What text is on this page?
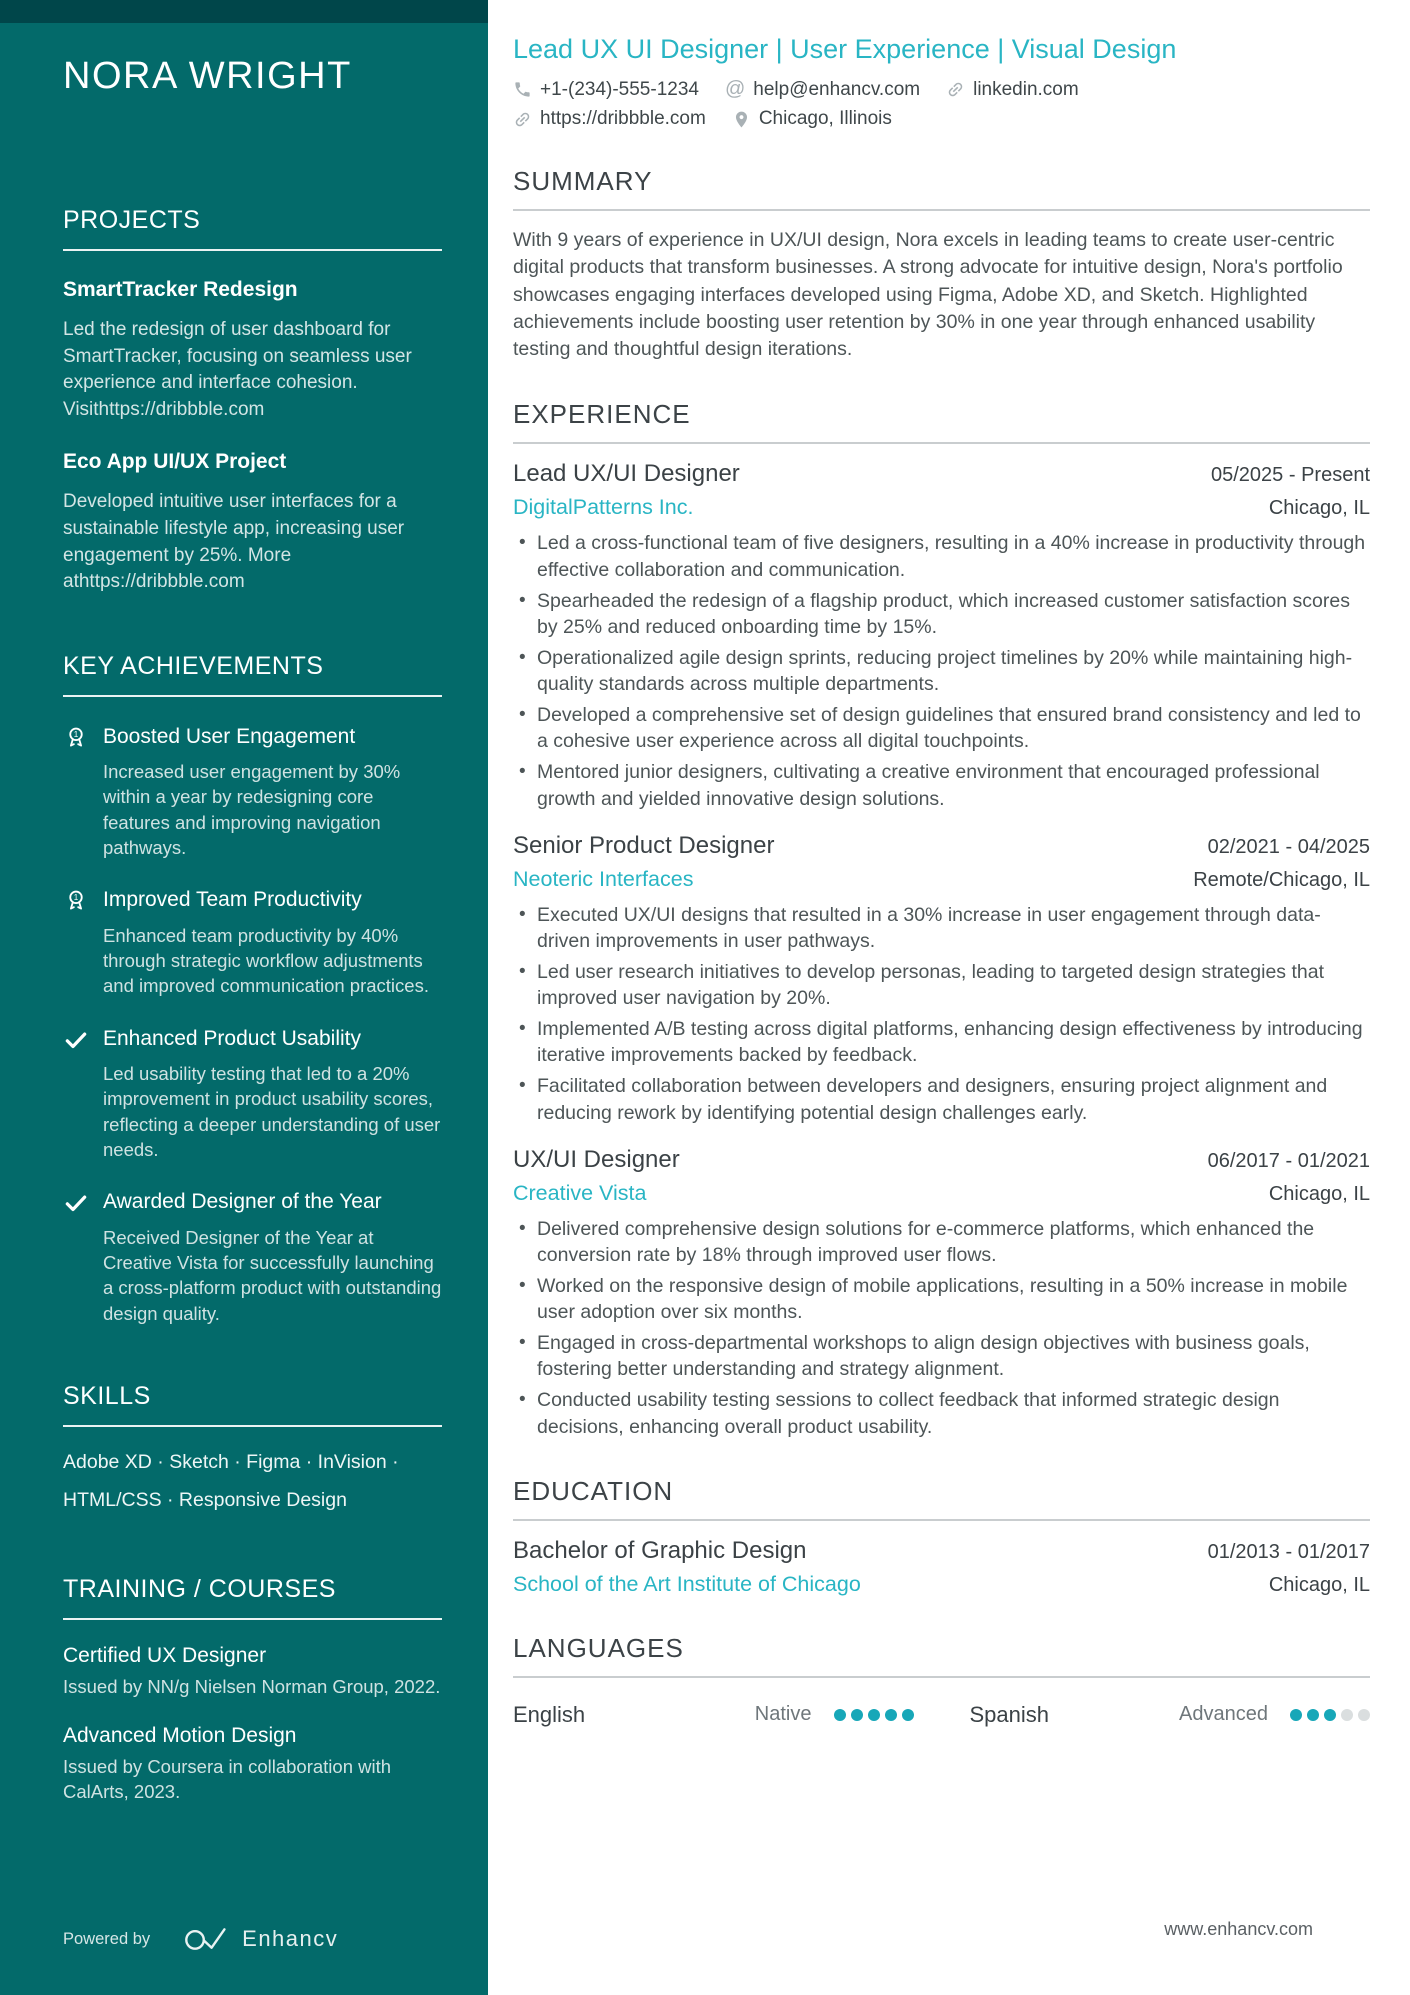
NORA WRIGHT
PROJECTS
SmartTracker Redesign
Led the redesign of user dashboard for SmartTracker, focusing on seamless user experience and interface cohesion. Visithttps://dribbble.com
Eco App UI/UX Project
Developed intuitive user interfaces for a sustainable lifestyle app, increasing user engagement by 25%. More athttps://dribbble.com
KEY ACHIEVEMENTS
1 Boosted User Engagement
Increased user engagement by 30% within a year by redesigning core features and improving navigation pathways.
1 Improved Team Productivity
Enhanced team productivity by 40% through strategic workflow adjustments and improved communication practices.
Enhanced Product Usability
Led usability testing that led to a 20% improvement in product usability scores, reflecting a deeper understanding of user needs.
Awarded Designer of the Year
Received Designer of the Year at Creative Vista for successfully launching a cross-platform product with outstanding design quality.
SKILLS
Adobe XD · Sketch · Figma · InVision · HTML/CSS · Responsive Design
TRAINING / COURSES
Certified UX Designer
Issued by NN/g Nielsen Norman Group, 2022.
Advanced Motion Design
Issued by Coursera in collaboration with CalArts, 2023.
Powered by	Enhancv
Lead UX UI Designer | User Experience | Visual Design
+1-(234)-555-1234 @ help@enhancv.com	linkedin.com
https://dribbble.com	Chicago, Illinois
SUMMARY

With 9 years of experience in UX/UI design, Nora excels in leading teams to create user-centric digital products that transform businesses. A strong advocate for intuitive design, Nora's portfolio showcases engaging interfaces developed using Figma, Adobe XD, and Sketch. Highlighted achievements include boosting user retention by 30% in one year through enhanced usability testing and thoughtful design iterations.

EXPERIENCE
Lead UX/UI Designer	05/2025 - Present
DigitalPatterns Inc.	Chicago, IL
• Led a cross-functional team of five designers, resulting in a 40% increase in productivity through effective collaboration and communication.
• Spearheaded the redesign of a flagship product, which increased customer satisfaction scores by 25% and reduced onboarding time by 15%.
• Operationalized agile design sprints, reducing project timelines by 20% while maintaining high-quality standards across multiple departments.
• Developed a comprehensive set of design guidelines that ensured brand consistency and led to a cohesive user experience across all digital touchpoints.
• Mentored junior designers, cultivating a creative environment that encouraged professional growth and yielded innovative design solutions.
Senior Product Designer	02/2021 - 04/2025
Neoteric Interfaces	Remote/Chicago, IL
• Executed UX/UI designs that resulted in a 30% increase in user engagement through data-driven improvements in user pathways.
• Led user research initiatives to develop personas, leading to targeted design strategies that improved user navigation by 20%.
• Implemented A/B testing across digital platforms, enhancing design effectiveness by introducing iterative improvements backed by feedback.
• Facilitated collaboration between developers and designers, ensuring project alignment and reducing rework by identifying potential design challenges early.
UX/UI Designer	06/2017 - 01/2021
Creative Vista	Chicago, IL
• Delivered comprehensive design solutions for e-commerce platforms, which enhanced the conversion rate by 18% through improved user flows.
• Worked on the responsive design of mobile applications, resulting in a 50% increase in mobile user adoption over six months.
• Engaged in cross-departmental workshops to align design objectives with business goals, fostering better understanding and strategy alignment.
• Conducted usability testing sessions to collect feedback that informed strategic design decisions, enhancing overall product usability.
EDUCATION
Bachelor of Graphic Design	01/2013 - 01/2017
School of the Art Institute of Chicago	Chicago, IL
LANGUAGES
English	Native	Spanish	Advanced
www.enhancv.com
